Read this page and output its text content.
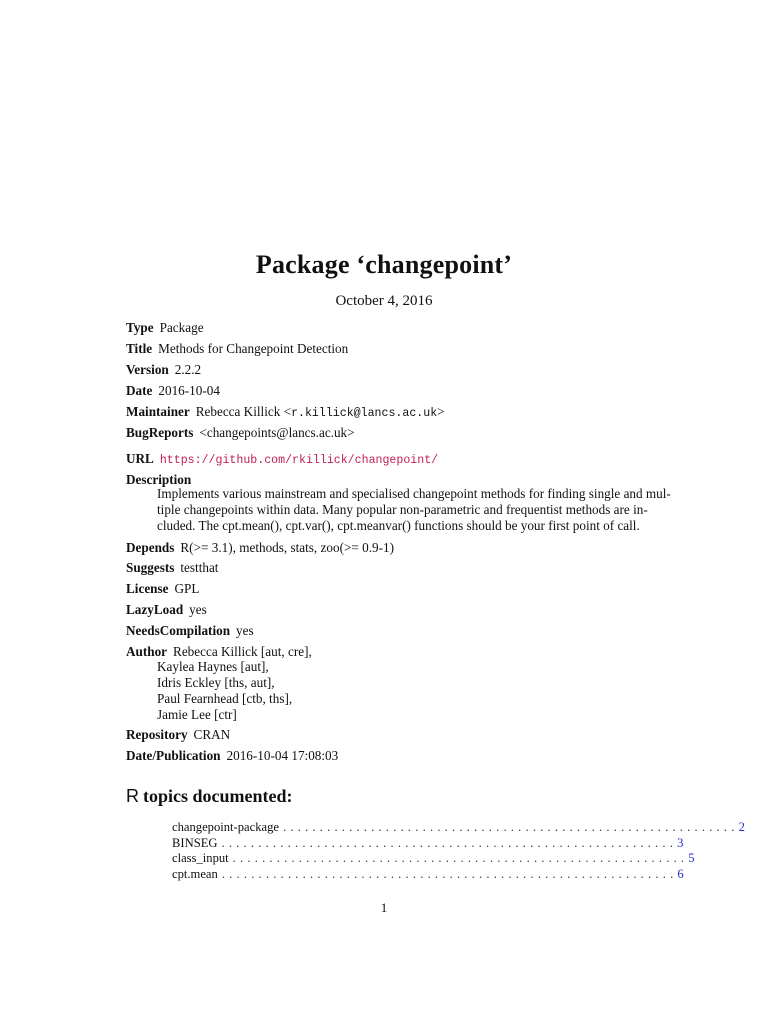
Package ‘changepoint’
October 4, 2016
Type Package
Title Methods for Changepoint Detection
Version 2.2.2
Date 2016-10-04
Maintainer Rebecca Killick <r.killick@lancs.ac.uk>
BugReports <changepoints@lancs.ac.uk>
URL https://github.com/rkillick/changepoint/
Description
Implements various mainstream and specialised changepoint methods for finding single and mul-
tiple changepoints within data. Many popular non-parametric and frequentist methods are in-
cluded. The cpt.mean(), cpt.var(), cpt.meanvar() functions should be your first point of call.
Depends R(>= 3.1), methods, stats, zoo(>= 0.9-1)
Suggests testthat
License GPL
LazyLoad yes
NeedsCompilation yes
Author Rebecca Killick [aut, cre],
Kaylea Haynes [aut],
Idris Eckley [ths, aut],
Paul Fearnhead [ctb, ths],
Jamie Lee [ctr]
Repository CRAN
Date/Publication 2016-10-04 17:08:03
R topics documented:
changepoint-package .............................................................. 2
BINSEG .............................................................. 3
class_input .............................................................. 5
cpt.mean .............................................................. 6
1
